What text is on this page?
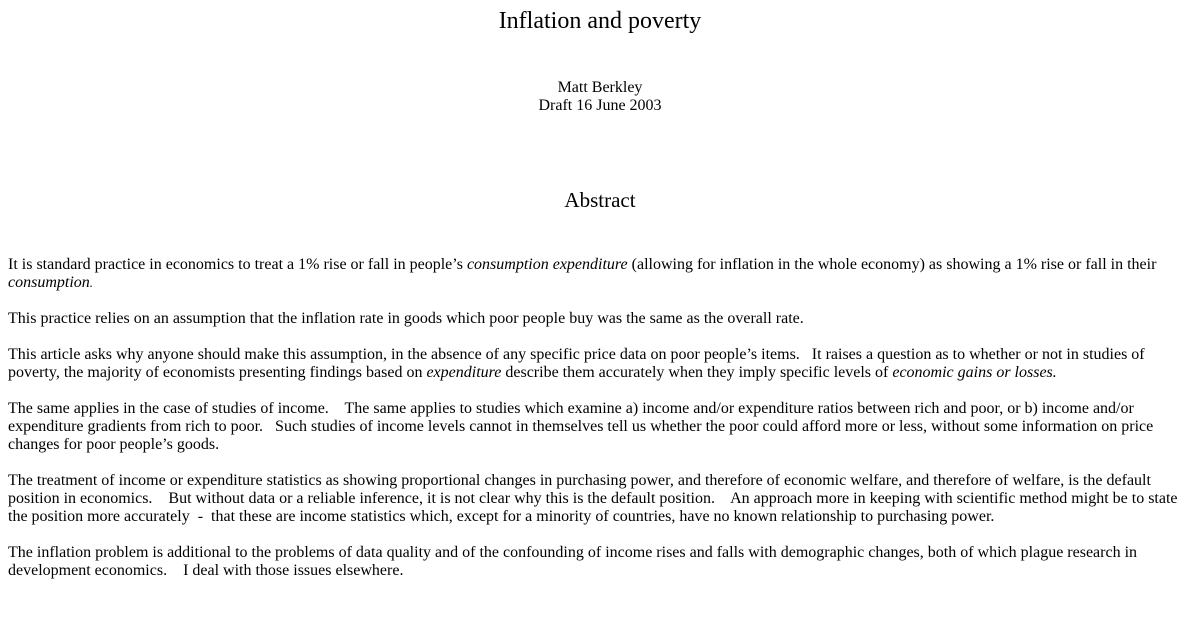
Inflation and poverty
Matt Berkley
Draft 16 June 2003
Abstract

It is standard practice in economics to treat a 1% rise or fall in people’s consumption expenditure (allowing for inflation in the whole economy) as showing a 1% rise or fall in their consumption.

This practice relies on an assumption that the inflation rate in goods which poor people buy was the same as the overall rate.

This article asks why anyone should make this assumption, in the absence of any specific price data on poor people’s items.   It raises a question as to whether or not in studies of poverty, the majority of economists presenting findings based on expenditure describe them accurately when they imply specific levels of economic gains or losses.

The same applies in the case of studies of income.    The same applies to studies which examine a) income and/or expenditure ratios between rich and poor, or b) income and/or expenditure gradients from rich to poor.   Such studies of income levels cannot in themselves tell us whether the poor could afford more or less, without some information on price changes for poor people’s goods.

The treatment of income or expenditure statistics as showing proportional changes in purchasing power, and therefore of economic welfare, and therefore of welfare, is the default position in economics.    But without data or a reliable inference, it is not clear why this is the default position.    An approach more in keeping with scientific method might be to state the position more accurately  -  that these are income statistics which, except for a minority of countries, have no known relationship to purchasing power.

The inflation problem is additional to the problems of data quality and of the confounding of income rises and falls with demographic changes, both of which plague research in development economics.    I deal with those issues elsewhere.
